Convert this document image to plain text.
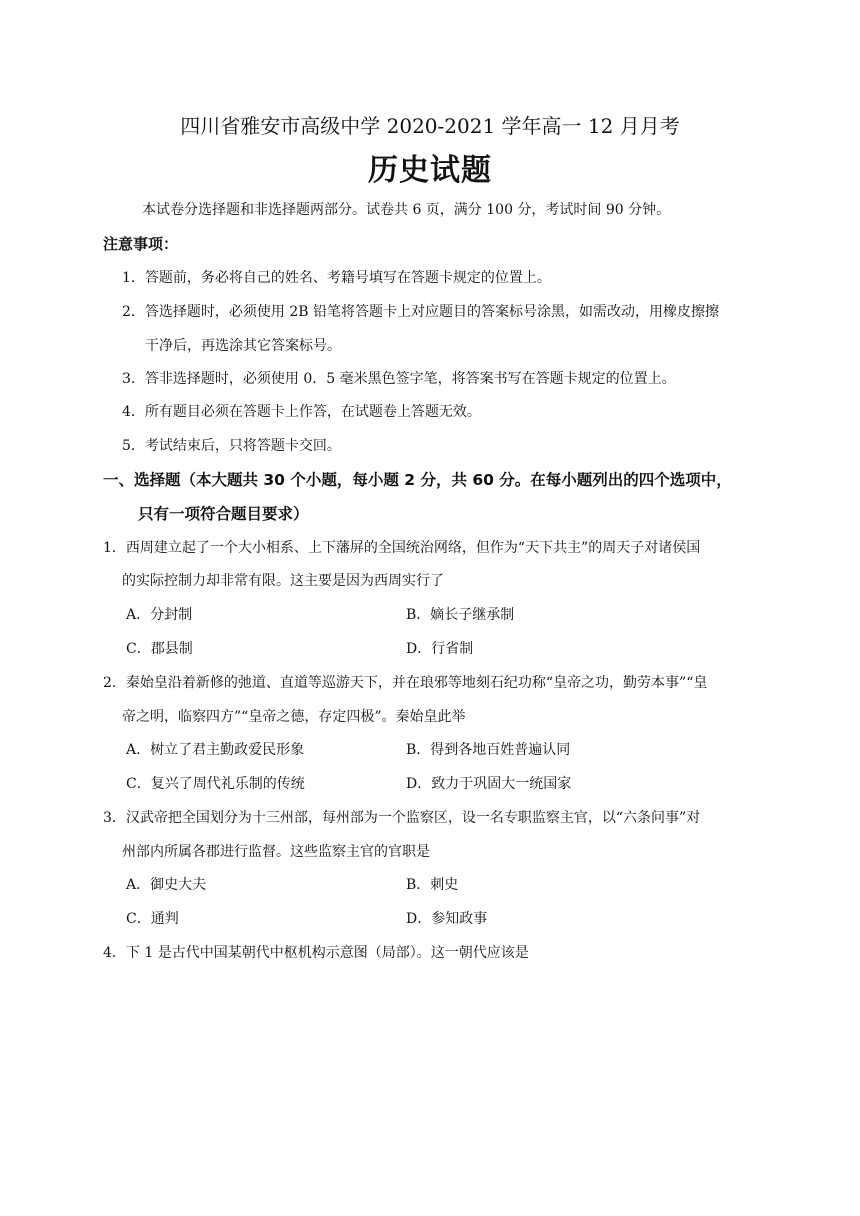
四川省雅安市高级中学 2020-2021 学年高一 12 月月考
历史试题
本试卷分选择题和非选择题两部分。试卷共 6 页，满分 100 分，考试时间 90 分钟。
注意事项：
1．答题前，务必将自己的姓名、考籍号填写在答题卡规定的位置上。
2．答选择题时，必须使用 2B 铅笔将答题卡上对应题目的答案标号涂黑，如需改动，用橡皮擦擦
干净后，再选涂其它答案标号。
3．答非选择题时，必须使用 0．5 毫米黑色签字笔，将答案书写在答题卡规定的位置上。
4．所有题目必须在答题卡上作答，在试题卷上答题无效。
5．考试结束后，只将答题卡交回。
一、选择题（本大题共 30 个小题，每小题 2 分，共 60 分。在每小题列出的四个选项中，
只有一项符合题目要求）
1．西周建立起了一个大小相系、上下藩屏的全国统治网络，但作为“天下共主”的周天子对诸侯国
的实际控制力却非常有限。这主要是因为西周实行了
A．分封制	B．嫡长子继承制
C．郡县制	D．行省制
2．秦始皇沿着新修的弛道、直道等巡游天下，并在琅邪等地刻石纪功称“皇帝之功，勤劳本事”“皇
帝之明，临察四方”“皇帝之德，存定四极”。秦始皇此举
A．树立了君主勤政爱民形象	B．得到各地百姓普遍认同
C．复兴了周代礼乐制的传统	D．致力于巩固大一统国家
3．汉武帝把全国划分为十三州部，每州部为一个监察区，设一名专职监察主官，以“六条问事”对
州部内所属各郡进行监督。这些监察主官的官职是
A．御史大夫	B．刺史
C．通判	D．参知政事
4．下 1 是古代中国某朝代中枢机构示意图（局部）。这一朝代应该是
